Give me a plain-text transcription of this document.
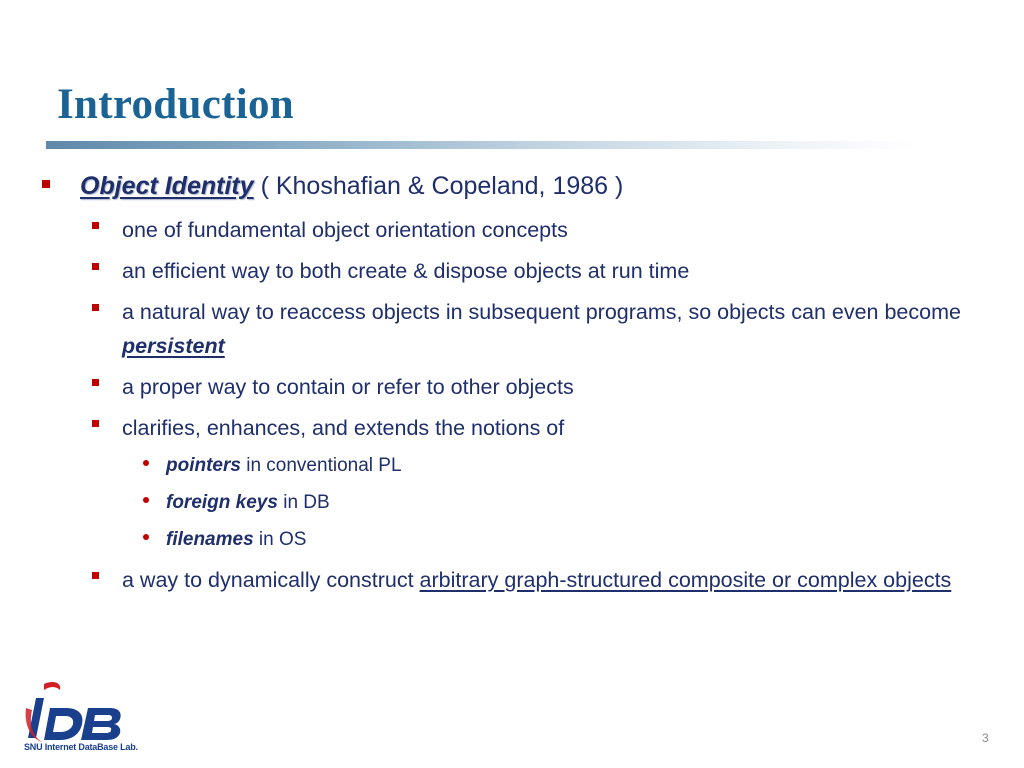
Introduction
Object Identity ( Khoshafian & Copeland, 1986 )
one of fundamental object orientation concepts
an efficient way to both create & dispose objects at run time
a natural way to reaccess objects in subsequent programs, so objects can even become persistent
a proper way to contain or refer to other objects
clarifies, enhances, and extends the notions of
pointers in conventional PL
foreign keys in DB
filenames in OS
a way to dynamically construct arbitrary graph-structured composite or complex objects
SNU Internet DataBase Lab.
3
